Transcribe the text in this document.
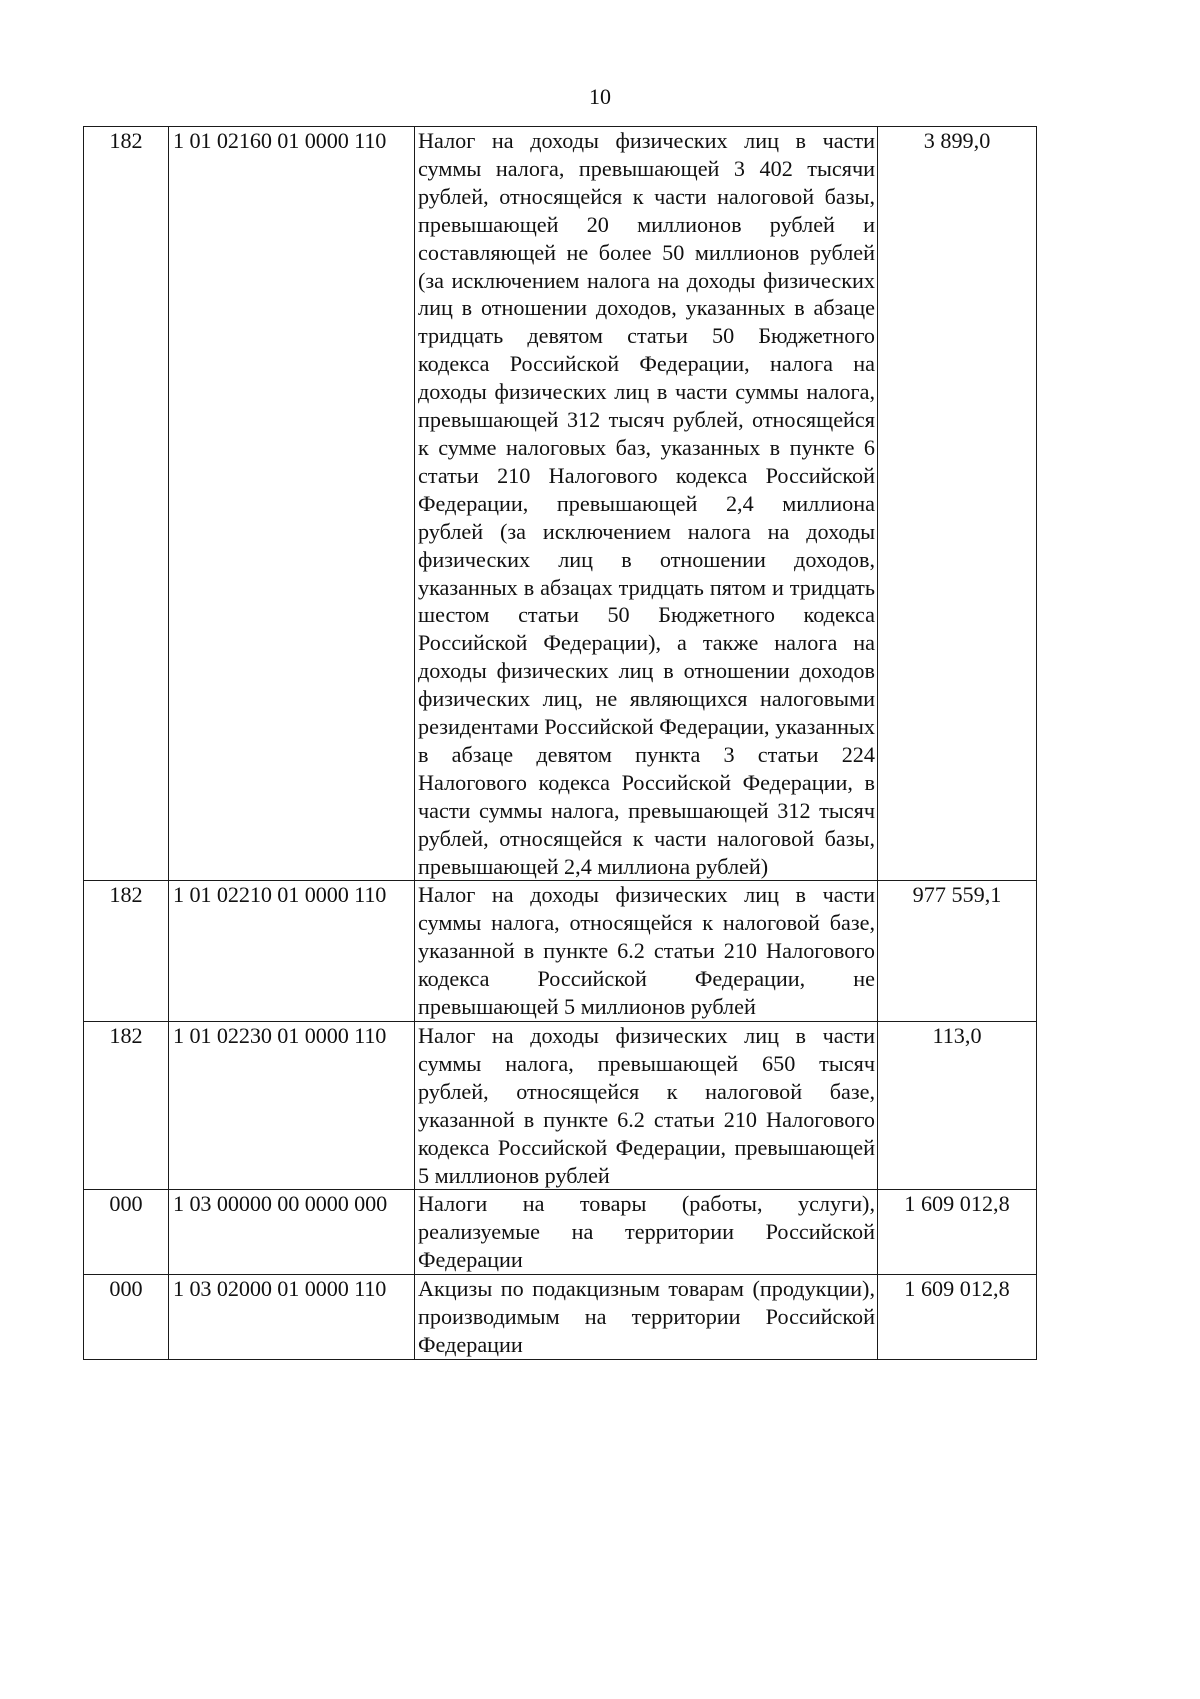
10
182	1 01 02160 01 0000 110	Налог на доходы физических лиц в части суммы налога, превышающей 3 402 тысячи рублей, относящейся к части налоговой базы, превышающей 20 миллионов рублей и составляющей не более 50 миллионов рублей (за исключением налога на доходы физических лиц в отношении доходов, указанных в абзаце тридцать девятом статьи 50 Бюджетного кодекса Российской Федерации, налога на доходы физических лиц в части суммы налога, превышающей 312 тысяч рублей, относящейся к сумме налоговых баз, указанных в пункте 6 статьи 210 Налогового кодекса Российской Федерации, превышающей 2,4 миллиона рублей (за исключением налога на доходы физических лиц в отношении доходов, указанных в абзацах тридцать пятом и тридцать шестом статьи 50 Бюджетного кодекса Российской Федерации), а также налога на доходы физических лиц в отношении доходов физических лиц, не являющихся налоговыми резидентами Российской Федерации, указанных в абзаце девятом пункта 3 статьи 224 Налогового кодекса Российской Федерации, в части суммы налога, превышающей 312 тысяч рублей, относящейся к части налоговой базы, превышающей 2,4 миллиона рублей)	3 899,0
182	1 01 02210 01 0000 110	Налог на доходы физических лиц в части суммы налога, относящейся к налоговой базе, указанной в пункте 6.2 статьи 210 Налогового кодекса Российской Федерации, не превышающей 5 миллионов рублей	977 559,1
182	1 01 02230 01 0000 110	Налог на доходы физических лиц в части суммы налога, превышающей 650 тысяч рублей, относящейся к налоговой базе, указанной в пункте 6.2 статьи 210 Налогового кодекса Российской Федерации, превышающей 5 миллионов рублей	113,0
000	1 03 00000 00 0000 000	Налоги на товары (работы, услуги), реализуемые на территории Российской Федерации	1 609 012,8
000	1 03 02000 01 0000 110	Акцизы по подакцизным товарам (продукции), производимым на территории Российской Федерации	1 609 012,8
